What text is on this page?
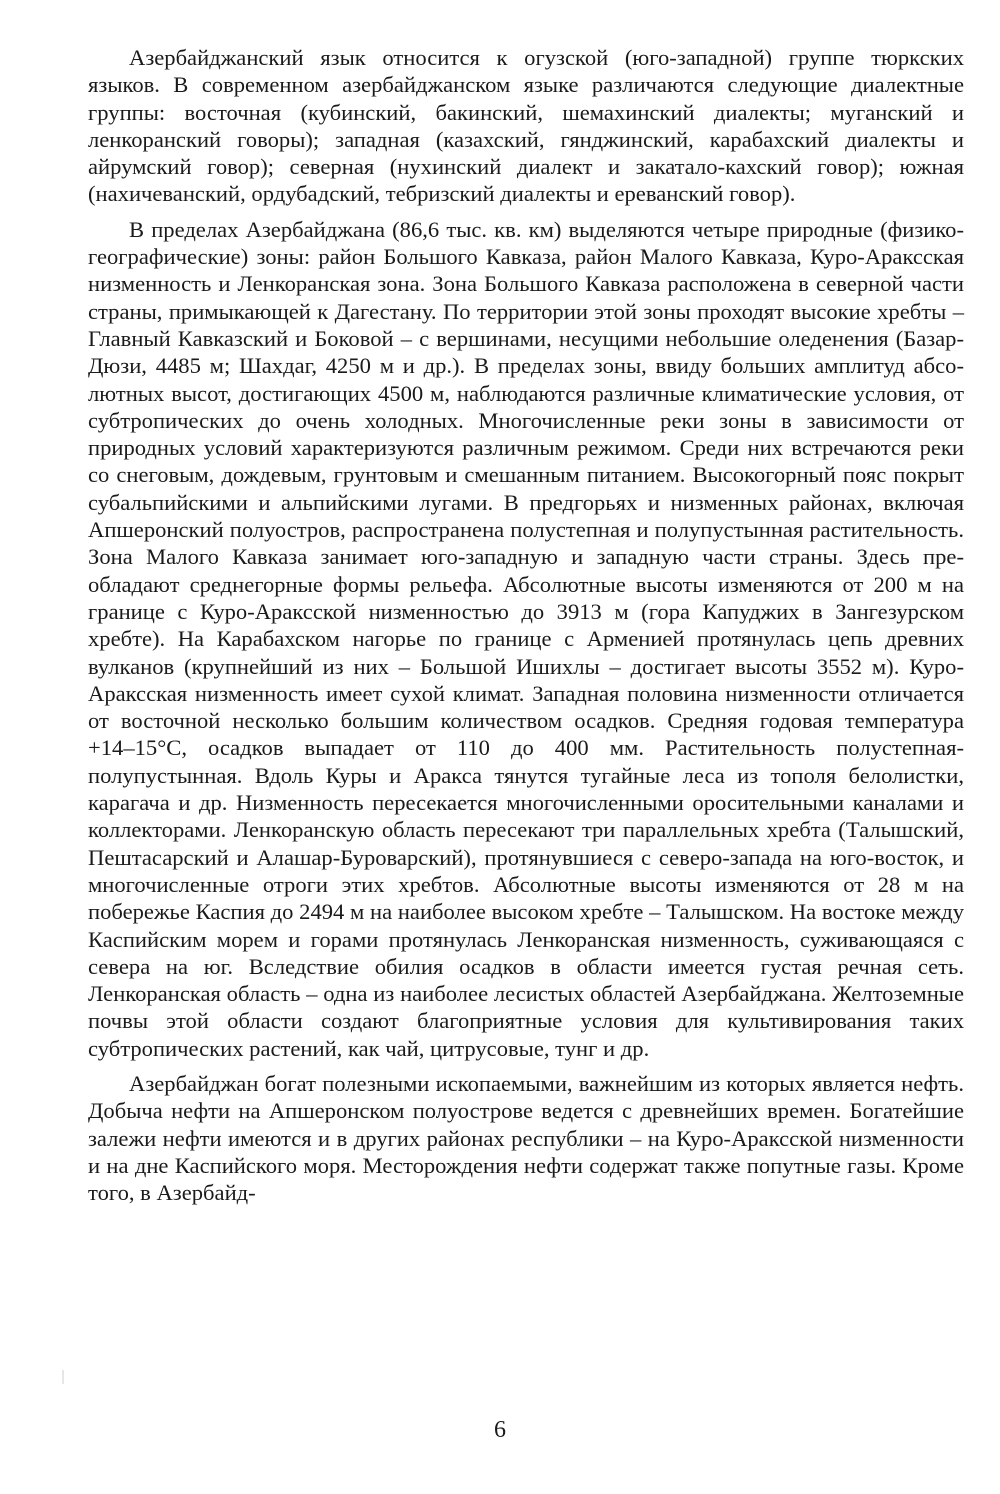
Азербайджанский язык относится к огузской (юго-западной) группе тюркских языков. В современном азербайджанском языке различаются следующие диалектные группы: восточная (кубинский, бакинский, шемахинский диалекты; муганский и ленкоранский говоры); западная (казахский, гянджинский, карабахский диалекты и айрумский говор); северная (нухинский диалект и закатало-кахский говор); южная (нахичеванский, ордубадский, тебризский диалекты и ереванский говор).

В пределах Азербайджана (86,6 тыс. кв. км) выделяются четыре природные (физико-географические) зоны: район Большого Кавказа, район Малого Кавказа, Куро-Араксская низменность и Ленкоранская зона. Зона Большого Кавказа расположена в северной части страны, примыкающей к Дагестану. По территории этой зоны проходят высокие хребты – Главный Кавказский и Боковой – с вершинами, несущими небольшие оледенения (Базар-Дюзи, 4485 м; Шахдаг, 4250 м и др.). В пределах зоны, ввиду больших амплитуд абсолютных высот, достигающих 4500 м, наблюдаются различные климатические условия, от субтропических до очень холодных. Многочисленные реки зоны в зависимости от природных условий характеризуются различным режимом. Среди них встречаются реки со снеговым, дождевым, грунтовым и смешанным питанием. Высокогорный пояс покрыт субальпийскими и альпийскими лугами. В предгорьях и низменных районах, включая Апшеронский полуостров, распространена полустепная и полупустынная растительность. Зона Малого Кавказа занимает юго-западную и западную части страны. Здесь преобладают среднегорные формы рельефа. Абсолютные высоты изменяются от 200 м на границе с Куро-Араксской низменностью до 3913 м (гора Капуджих в Зангезурском хребте). На Карабахском нагорье по границе с Арменией протянулась цепь древних вулканов (крупнейший из них – Большой Ишихлы – достигает высоты 3552 м). Куро-Араксская низменность имеет сухой климат. Западная половина низменности отличается от восточной несколько большим количеством осадков. Средняя годовая температура +14–15°С, осадков выпадает от 110 до 400 мм. Растительность полустепная-полупустынная. Вдоль Куры и Аракса тянутся тугайные леса из тополя белолистки, карагача и др. Низменность пересекается многочисленными оросительными каналами и коллекторами. Ленкоранскую область пересекают три параллельных хребта (Талышский, Пештасарский и Алашар-Буроварский), протянувшиеся с северо-запада на юго-восток, и многочисленные отроги этих хребтов. Абсолютные высоты изменяются от 28 м на побережье Каспия до 2494 м на наиболее высоком хребте – Талышском. На востоке между Каспийским морем и горами протянулась Ленкоранская низменность, суживающаяся с севера на юг. Вследствие обилия осадков в области имеется густая речная сеть. Ленкоранская область – одна из наиболее лесистых областей Азербайджана. Желтоземные почвы этой области создают благоприятные условия для культивирования таких субтропических растений, как чай, цитрусовые, тунг и др.

Азербайджан богат полезными ископаемыми, важнейшим из которых является нефть. Добыча нефти на Апшеронском полуострове ведется с древнейших времен. Богатейшие залежи нефти имеются и в других районах республики – на Куро-Араксской низменности и на дне Каспийского моря. Месторождения нефти содержат также попутные газы. Кроме того, в Азербайд-

6
